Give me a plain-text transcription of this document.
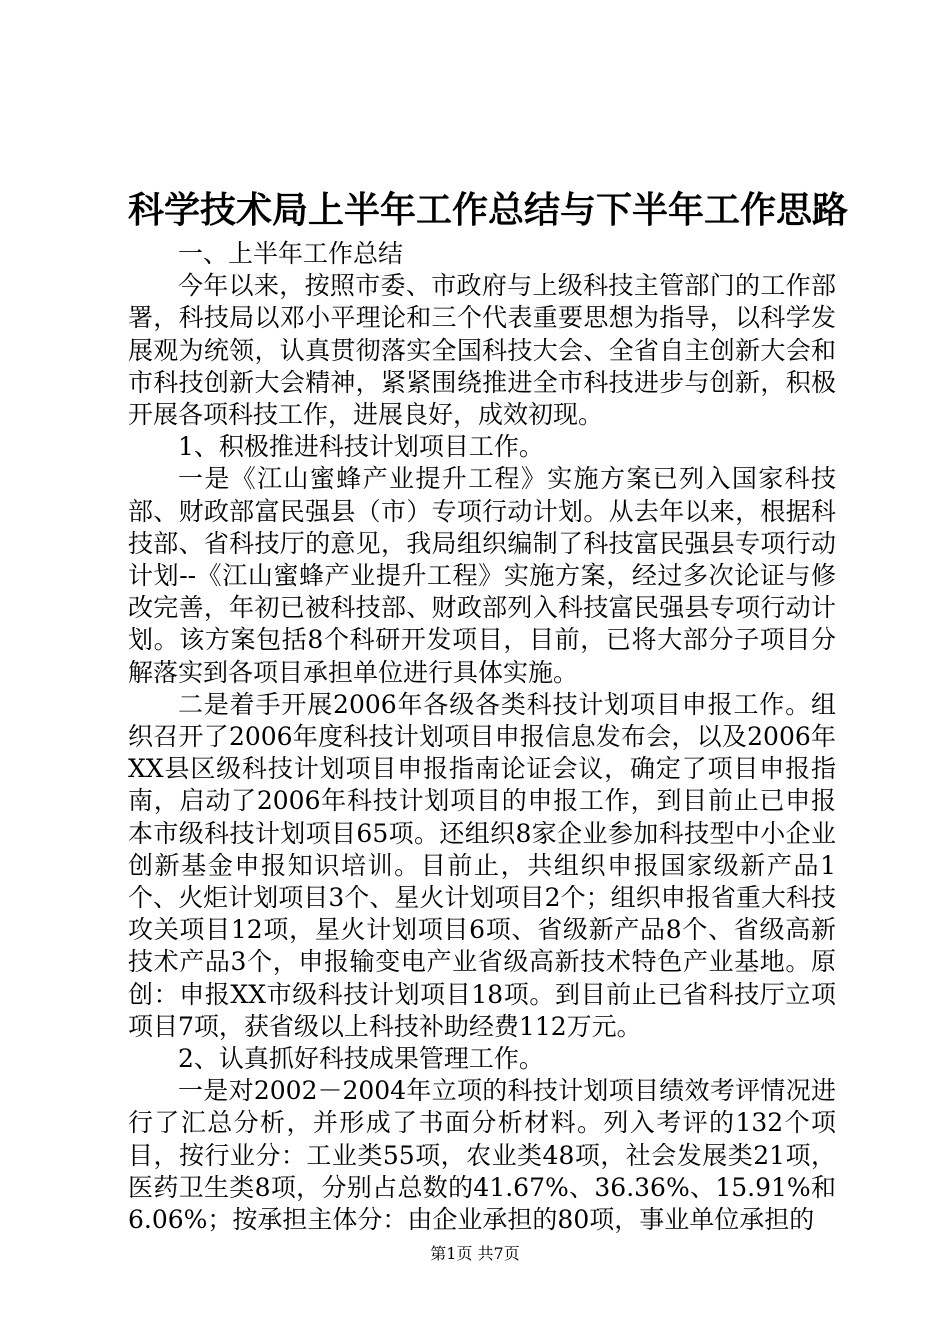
科学技术局上半年工作总结与下半年工作思路

一、上半年工作总结

今年以来，按照市委、市政府与上级科技主管部门的工作部署，科技局以邓小平理论和三个代表重要思想为指导，以科学发展观为统领，认真贯彻落实全国科技大会、全省自主创新大会和市科技创新大会精神，紧紧围绕推进全市科技进步与创新，积极开展各项科技工作，进展良好，成效初现。

1、积极推进科技计划项目工作。

一是《江山蜜蜂产业提升工程》实施方案已列入国家科技部、财政部富民强县（市）专项行动计划。从去年以来，根据科技部、省科技厅的意见，我局组织编制了科技富民强县专项行动计划--《江山蜜蜂产业提升工程》实施方案，经过多次论证与修改完善，年初已被科技部、财政部列入科技富民强县专项行动计划。该方案包括8个科研开发项目，目前，已将大部分子项目分解落实到各项目承担单位进行具体实施。

二是着手开展2006年各级各类科技计划项目申报工作。组织召开了2006年度科技计划项目申报信息发布会，以及2006年XX县区级科技计划项目申报指南论证会议，确定了项目申报指南，启动了2006年科技计划项目的申报工作，到目前止已申报本市级科技计划项目65项。还组织8家企业参加科技型中小企业创新基金申报知识培训。目前止，共组织申报国家级新产品1个、火炬计划项目3个、星火计划项目2个；组织申报省重大科技攻关项目12项，星火计划项目6项、省级新产品8个、省级高新技术产品3个，申报输变电产业省级高新技术特色产业基地。原创：申报XX市级科技计划项目18项。到目前止已省科技厅立项项目7项，获省级以上科技补助经费112万元。

2、认真抓好科技成果管理工作。

一是对2002－2004年立项的科技计划项目绩效考评情况进行了汇总分析，并形成了书面分析材料。列入考评的132个项目，按行业分：工业类55项，农业类48项，社会发展类21项，医药卫生类8项，分别占总数的41.67%、36.36%、15.91%和6.06%；按承担主体分：由企业承担的80项，事业单位承担的

第1页 共7页
